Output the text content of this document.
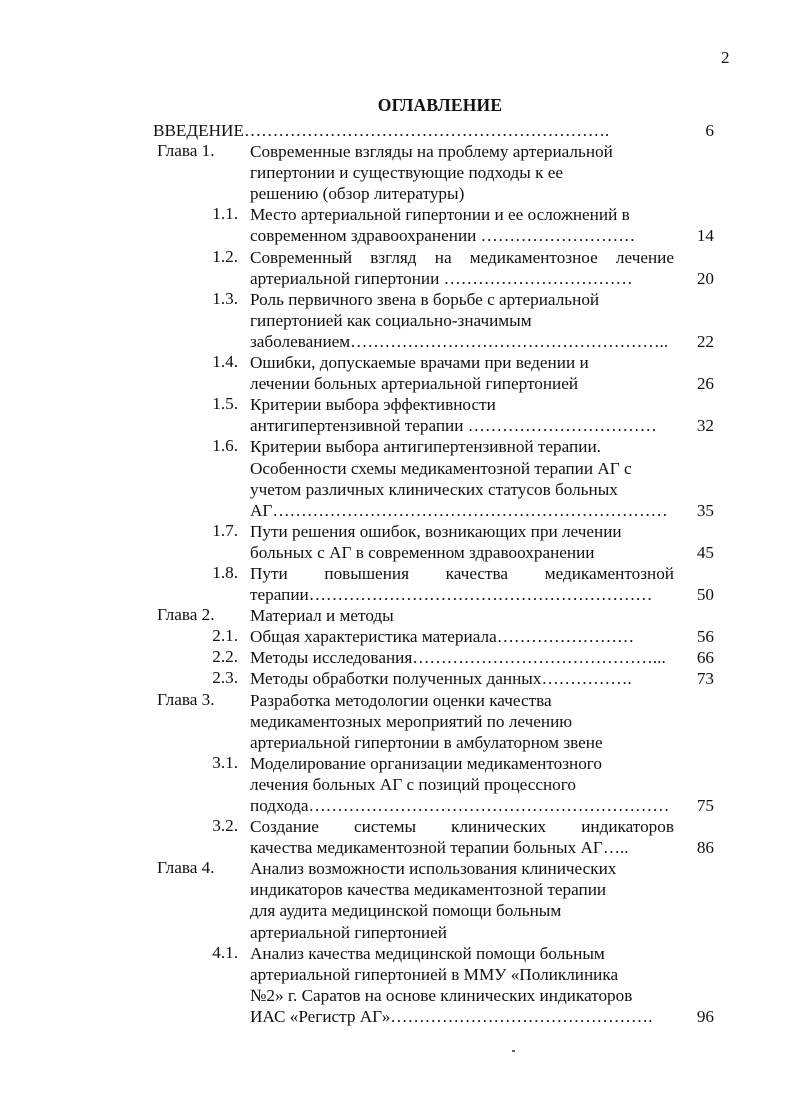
2
ОГЛАВЛЕНИЕ
ВВЕДЕНИЕ……………………………………………………….	6
Глава 1. Современные взгляды на проблему артериальной
гипертонии и существующие подходы к ее
решению (обзор литературы)
1.1. Место артериальной гипертонии и ее осложнений в
современном здравоохранении ………………………	14
1.2. Современный взгляд на медикаментозное лечение
артериальной гипертонии ……………………………	20
1.3. Роль первичного звена в борьбе с артериальной
гипертонией как социально-значимым
заболеванием………………………………………………..	22
1.4. Ошибки, допускаемые врачами при ведении и
лечении больных артериальной гипертонией	26
1.5. Критерии выбора эффективности
антигипертензивной терапии ……………………………	32
1.6. Критерии выбора антигипертензивной терапии.
Особенности схемы медикаментозной терапии АГ с
учетом различных клинических статусов больных
АГ……………………………………………………………	35
1.7. Пути решения ошибок, возникающих при лечении
больных с АГ в современном здравоохранении	45
1.8. Пути повышения качества медикаментозной
терапии……………………………………………………	50
Глава 2. Материал и методы
2.1. Общая характеристика материала……………………	56
2.2. Методы исследования……………………………………...	66
2.3. Методы обработки полученных данных…………….	73
Глава 3. Разработка методологии оценки качества
медикаментозных мероприятий по лечению
артериальной гипертонии в амбулаторном звене
3.1. Моделирование организации медикаментозного
лечения больных АГ с позиций процессного
подхода………………………………………………………	75
3.2. Создание системы клинических индикаторов
качества медикаментозной терапии больных АГ…..	86
Глава 4. Анализ возможности использования клинических
индикаторов качества медикаментозной терапии
для аудита медицинской помощи больным
артериальной гипертонией
4.1. Анализ качества медицинской помощи больным
артериальной гипертонией в ММУ «Поликлиника
№2» г. Саратов на основе клинических индикаторов
ИАС «Регистр АГ»……………………………………….	96
